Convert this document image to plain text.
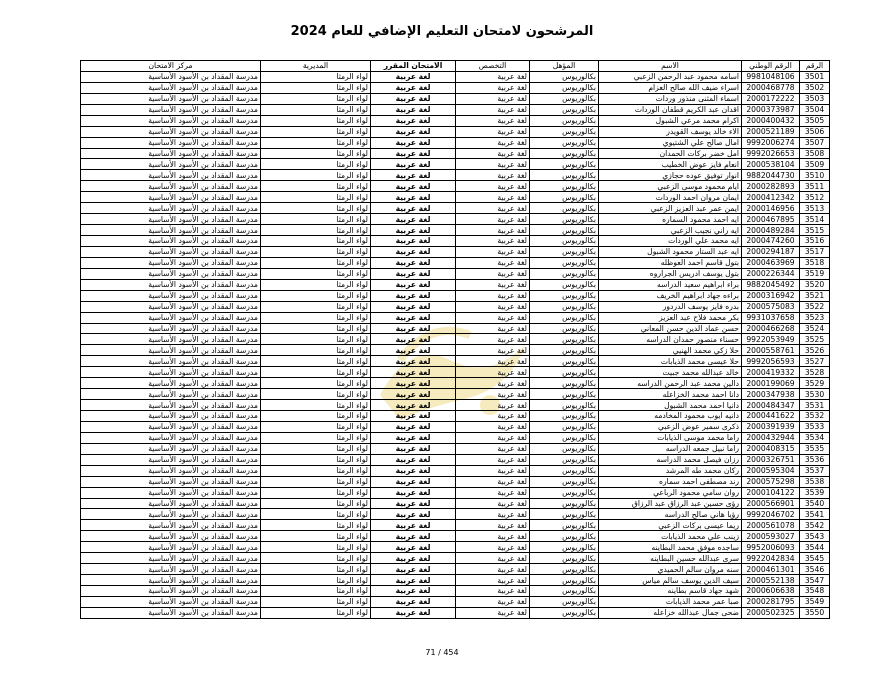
المرشحون لامتحان التعليم الإضافي للعام 2024
الرقم	الرقم الوطني	الاسم	المؤهل	التخصص	الامتحان المقرر	المديرية	مركز الامتحان
3501	9981048106	اسامه محمود عبد الرحمن الزعبي	بكالوريوس	لغة عربية	لغة عربية	لواء الرمثا	مدرسة المقداد بن الأسود الأساسية
3502	2000468778	اسراء ضيف الله صالح العزام	بكالوريوس	لغة عربية	لغة عربية	لواء الرمثا	مدرسة المقداد بن الأسود الأساسية
3503	2000172222	اسماء المثنى منذور وردات	بكالوريوس	لغة عربية	لغة عربية	لواء الرمثا	مدرسة المقداد بن الأسود الأساسية
3504	2000373987	اقدان عبد الكريم قطفان الوردات	بكالوريوس	لغة عربية	لغة عربية	لواء الرمثا	مدرسة المقداد بن الأسود الأساسية
3505	2000400432	اكرام محمد مرعي الشبول	بكالوريوس	لغة عربية	لغة عربية	لواء الرمثا	مدرسة المقداد بن الأسود الأساسية
3506	2000521189	الاء خالد يوسف القويدر	بكالوريوس	لغة عربية	لغة عربية	لواء الرمثا	مدرسة المقداد بن الأسود الأساسية
3507	9992006274	امال صالح علي الشتيوي	بكالوريوس	لغة عربية	لغة عربية	لواء الرمثا	مدرسة المقداد بن الأسود الأساسية
3508	9992026653	امل خضر بركات الحمدان	بكالوريوس	لغة عربية	لغة عربية	لواء الرمثا	مدرسة المقداد بن الأسود الأساسية
3509	2000538104	انعام فايز عوض الخطيب	بكالوريوس	لغة عربية	لغة عربية	لواء الرمثا	مدرسة المقداد بن الأسود الأساسية
3510	9882044730	انوار توفيق عوده حجازي	بكالوريوس	لغة عربية	لغة عربية	لواء الرمثا	مدرسة المقداد بن الأسود الأساسية
3511	2000282893	ايام محمود موسى الزعبي	بكالوريوس	لغة عربية	لغة عربية	لواء الرمثا	مدرسة المقداد بن الأسود الأساسية
3512	2000412342	ايمان مروان احمد الوردات	بكالوريوس	لغة عربية	لغة عربية	لواء الرمثا	مدرسة المقداد بن الأسود الأساسية
3513	2000146956	ايمن عمر عبد العزيز الزعبي	بكالوريوس	لغة عربية	لغة عربية	لواء الرمثا	مدرسة المقداد بن الأسود الأساسية
3514	2000467895	ايه احمد محمود السماره	بكالوريوس	لغة عربية	لغة عربية	لواء الرمثا	مدرسة المقداد بن الأسود الأساسية
3515	2000489284	ايه راني نجيب الزعبي	بكالوريوس	لغة عربية	لغة عربية	لواء الرمثا	مدرسة المقداد بن الأسود الأساسية
3516	2000474260	ايه محمد علي الوردات	بكالوريوس	لغة عربية	لغة عربية	لواء الرمثا	مدرسة المقداد بن الأسود الأساسية
3517	2000294187	ايه عبد الستار محمود الشبول	بكالوريوس	لغة عربية	لغة عربية	لواء الرمثا	مدرسة المقداد بن الأسود الأساسية
3518	2000463969	بتول قاسم احمد العوظله	بكالوريوس	لغة عربية	لغة عربية	لواء الرمثا	مدرسة المقداد بن الأسود الأساسية
3519	2000226344	بتول يوسف ادريس الجراروه	بكالوريوس	لغة عربية	لغة عربية	لواء الرمثا	مدرسة المقداد بن الأسود الأساسية
3520	9882045492	براء ابراهيم سعيد الدراسه	بكالوريوس	لغة عربية	لغة عربية	لواء الرمثا	مدرسة المقداد بن الأسود الأساسية
3521	2000316942	براءه جهاد ابراهيم الخريف	بكالوريوس	لغة عربية	لغة عربية	لواء الرمثا	مدرسة المقداد بن الأسود الأساسية
3522	2000575083	بدره فايز يوسف الدردور	بكالوريوس	لغة عربية	لغة عربية	لواء الرمثا	مدرسة المقداد بن الأسود الأساسية
3523	9931037658	بكر محمد فلاح عبد العزيز	بكالوريوس	لغة عربية	لغة عربية	لواء الرمثا	مدرسة المقداد بن الأسود الأساسية
3524	2000466268	حسن عماد الدين حسن المعاني	بكالوريوس	لغة عربية	لغة عربية	لواء الرمثا	مدرسة المقداد بن الأسود الأساسية
3525	9922053949	حسناء منصور حمدان الدراسه	بكالوريوس	لغة عربية	لغة عربية	لواء الرمثا	مدرسة المقداد بن الأسود الأساسية
3526	2000558761	حلا زكي محمد الهنيي	بكالوريوس	لغة عربية	لغة عربية	لواء الرمثا	مدرسة المقداد بن الأسود الأساسية
3527	9992056593	حلا عيسى محمد الذيابات	بكالوريوس	لغة عربية	لغة عربية	لواء الرمثا	مدرسة المقداد بن الأسود الأساسية
3528	2000419332	خالد عبدالله محمد جبيت	بكالوريوس	لغة عربية	لغة عربية	لواء الرمثا	مدرسة المقداد بن الأسود الأساسية
3529	2000199069	دالين محمد عبد الرحمن الدراسه	بكالوريوس	لغة عربية	لغة عربية	لواء الرمثا	مدرسة المقداد بن الأسود الأساسية
3530	2000347938	دانا احمد محمد الخزاعله	بكالوريوس	لغة عربية	لغة عربية	لواء الرمثا	مدرسة المقداد بن الأسود الأساسية
3531	2000484347	دانيا احمد محمد الشبول	بكالوريوس	لغة عربية	لغة عربية	لواء الرمثا	مدرسة المقداد بن الأسود الأساسية
3532	2000441622	دانيه ايوب محمود المخادمه	بكالوريوس	لغة عربية	لغة عربية	لواء الرمثا	مدرسة المقداد بن الأسود الأساسية
3533	2000391939	ذكرى سمير عوض الزعبي	بكالوريوس	لغة عربية	لغة عربية	لواء الرمثا	مدرسة المقداد بن الأسود الأساسية
3534	2000432944	راما محمد موسى الذيابات	بكالوريوس	لغة عربية	لغة عربية	لواء الرمثا	مدرسة المقداد بن الأسود الأساسية
3535	2000408315	راما نبيل جمعه الدراسه	بكالوريوس	لغة عربية	لغة عربية	لواء الرمثا	مدرسة المقداد بن الأسود الأساسية
3536	2000326751	رزان فيصل محمد الدراسه	بكالوريوس	لغة عربية	لغة عربية	لواء الرمثا	مدرسة المقداد بن الأسود الأساسية
3537	2000595304	ركان محمد طه المرشد	بكالوريوس	لغة عربية	لغة عربية	لواء الرمثا	مدرسة المقداد بن الأسود الأساسية
3538	2000575298	رند مصطفى احمد سماره	بكالوريوس	لغة عربية	لغة عربية	لواء الرمثا	مدرسة المقداد بن الأسود الأساسية
3539	2000104122	روان سامي محمود الرباعي	بكالوريوس	لغة عربية	لغة عربية	لواء الرمثا	مدرسة المقداد بن الأسود الأساسية
3540	2000566901	رؤى حسين عبد الرزاق عبد الرزاق	بكالوريوس	لغة عربية	لغة عربية	لواء الرمثا	مدرسة المقداد بن الأسود الأساسية
3541	9992046702	رؤيا هاني صالح الدراسه	بكالوريوس	لغة عربية	لغة عربية	لواء الرمثا	مدرسة المقداد بن الأسود الأساسية
3542	2000561078	ريما عيسى بركات الزعبي	بكالوريوس	لغة عربية	لغة عربية	لواء الرمثا	مدرسة المقداد بن الأسود الأساسية
3543	2000593027	زينب علي محمد الذيابات	بكالوريوس	لغة عربية	لغة عربية	لواء الرمثا	مدرسة المقداد بن الأسود الأساسية
3544	9952006093	ساجده موفق محمد البطاينه	بكالوريوس	لغة عربية	لغة عربية	لواء الرمثا	مدرسة المقداد بن الأسود الأساسية
3545	9922042834	سرى عبدالله حسين البطاينه	بكالوريوس	لغة عربية	لغة عربية	لواء الرمثا	مدرسة المقداد بن الأسود الأساسية
3546	2000461301	سنه مروان سالم الحميدي	بكالوريوس	لغة عربية	لغة عربية	لواء الرمثا	مدرسة المقداد بن الأسود الأساسية
3547	2000552138	سيف الدين يوسف سالم مياس	بكالوريوس	لغة عربية	لغة عربية	لواء الرمثا	مدرسة المقداد بن الأسود الأساسية
3548	2000606638	شهد جهاد قاسم بطاينه	بكالوريوس	لغة عربية	لغة عربية	لواء الرمثا	مدرسة المقداد بن الأسود الأساسية
3549	2000281795	صبا عمر محمد الذيابات	بكالوريوس	لغة عربية	لغة عربية	لواء الرمثا	مدرسة المقداد بن الأسود الأساسية
3550	2000502325	ضحى جمال عبدالله خزاعله	بكالوريوس	لغة عربية	لغة عربية	لواء الرمثا	مدرسة المقداد بن الأسود الأساسية
71 / 454
